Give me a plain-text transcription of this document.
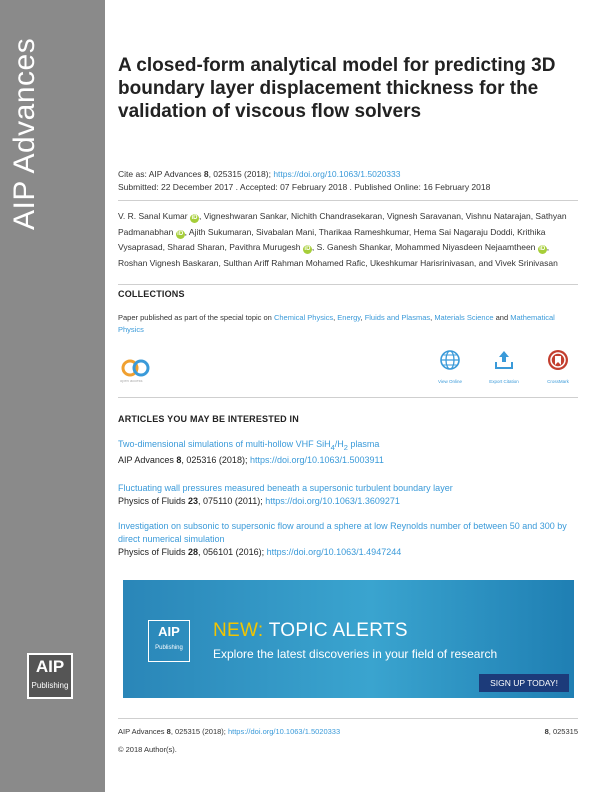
AIP Advances
AIP
Publishing
A closed-form analytical model for predicting 3D boundary layer displacement thickness for the validation of viscous flow solvers
Cite as: AIP Advances 8, 025315 (2018); https://doi.org/10.1063/1.5020333
Submitted: 22 December 2017 . Accepted: 07 February 2018 . Published Online: 16 February 2018
V. R. Sanal Kumar iD , Vigneshwaran Sankar, Nichith Chandrasekaran, Vignesh Saravanan, Vishnu Natarajan, Sathyan Padmanabhan iD , Ajith Sukumaran, Sivabalan Mani, Tharikaa Rameshkumar, Hema Sai Nagaraju Doddi, Krithika Vysaprasad, Sharad Sharan, Pavithra Murugesh iD , S. Ganesh Shankar, Mohammed Niyasdeen Nejaamtheen iD , Roshan Vignesh Baskaran, Sulthan Ariff Rahman Mohamed Rafic, Ukeshkumar Harisrinivasan, and Vivek Srinivasan
COLLECTIONS
Paper published as part of the special topic on Chemical Physics, Energy, Fluids and Plasmas, Materials Science and Mathematical Physics
open access	View Online	Export Citation	CrossMark
ARTICLES YOU MAY BE INTERESTED IN
Two-dimensional simulations of multi-hollow VHF $SiH_4/H_2$ plasma
AIP Advances 8, 025316 (2018); https://doi.org/10.1063/1.5003911
Fluctuating wall pressures measured beneath a supersonic turbulent boundary layer
Physics of Fluids 23, 075110 (2011); https://doi.org/10.1063/1.3609271
Investigation on subsonic to supersonic flow around a sphere at low Reynolds number of between 50 and 300 by direct numerical simulation
Physics of Fluids 28, 056101 (2016); https://doi.org/10.1063/1.4947244
AIP
Publishing
NEW: TOPIC ALERTS
Explore the latest discoveries in your field of research
SIGN UP TODAY!
AIP Advances 8, 025315 (2018); https://doi.org/10.1063/1.5020333	8, 025315
© 2018 Author(s).
